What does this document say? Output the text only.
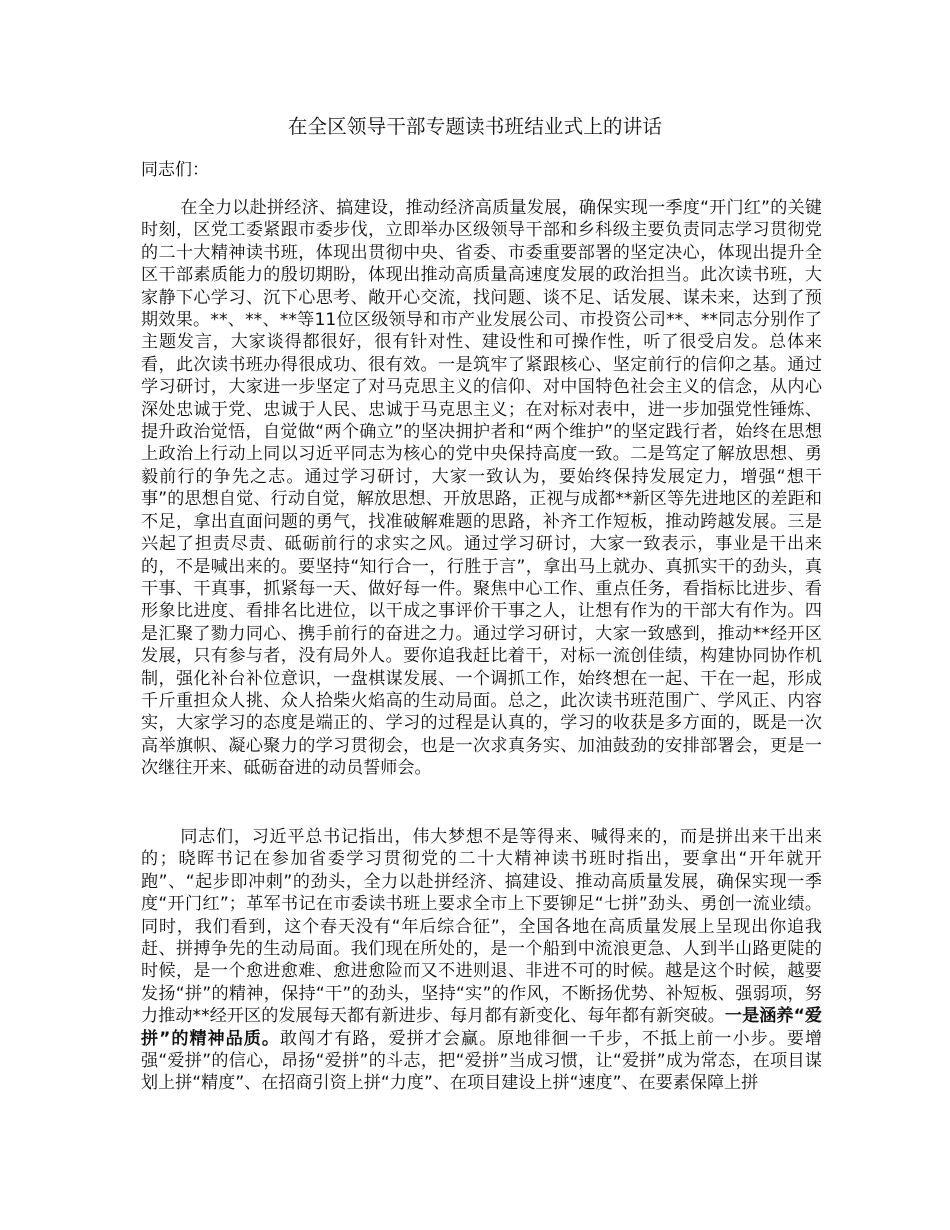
在全区领导干部专题读书班结业式上的讲话

同志们：

在全力以赴拼经济、搞建设，推动经济高质量发展，确保实现一季度“开门红”的关键时刻，区党工委紧跟市委步伐，立即举办区级领导干部和乡科级主要负责同志学习贯彻党的二十大精神读书班，体现出贯彻中央、省委、市委重要部署的坚定决心，体现出提升全区干部素质能力的殷切期盼，体现出推动高质量高速度发展的政治担当。此次读书班，大家静下心学习、沉下心思考、敞开心交流，找问题、谈不足、话发展、谋未来，达到了预期效果。**、**、**等11位区级领导和市产业发展公司、市投资公司**、**同志分别作了主题发言，大家谈得都很好，很有针对性、建设性和可操作性，听了很受启发。总体来看，此次读书班办得很成功、很有效。一是筑牢了紧跟核心、坚定前行的信仰之基。通过学习研讨，大家进一步坚定了对马克思主义的信仰、对中国特色社会主义的信念，从内心深处忠诚于党、忠诚于人民、忠诚于马克思主义；在对标对表中，进一步加强党性锤炼、提升政治觉悟，自觉做“两个确立”的坚决拥护者和“两个维护”的坚定践行者，始终在思想上政治上行动上同以习近平同志为核心的党中央保持高度一致。二是笃定了解放思想、勇毅前行的争先之志。通过学习研讨，大家一致认为，要始终保持发展定力，增强“想干事”的思想自觉、行动自觉，解放思想、开放思路，正视与成都**新区等先进地区的差距和不足，拿出直面问题的勇气，找准破解难题的思路，补齐工作短板，推动跨越发展。三是兴起了担责尽责、砥砺前行的求实之风。通过学习研讨，大家一致表示，事业是干出来的，不是喊出来的。要坚持“知行合一，行胜于言”，拿出马上就办、真抓实干的劲头，真干事、干真事，抓紧每一天、做好每一件。聚焦中心工作、重点任务，看指标比进步、看形象比进度、看排名比进位，以干成之事评价干事之人，让想有作为的干部大有作为。四是汇聚了勠力同心、携手前行的奋进之力。通过学习研讨，大家一致感到，推动**经开区发展，只有参与者，没有局外人。要你追我赶比着干，对标一流创佳绩，构建协同协作机制，强化补台补位意识，一盘棋谋发展、一个调抓工作，始终想在一起、干在一起，形成千斤重担众人挑、众人拾柴火焰高的生动局面。总之，此次读书班范围广、学风正、内容实，大家学习的态度是端正的、学习的过程是认真的，学习的收获是多方面的，既是一次高举旗帜、凝心聚力的学习贯彻会，也是一次求真务实、加油鼓劲的安排部署会，更是一次继往开来、砥砺奋进的动员誓师会。

同志们，习近平总书记指出，伟大梦想不是等得来、喊得来的，而是拼出来干出来的；晓晖书记在参加省委学习贯彻党的二十大精神读书班时指出，要拿出“开年就开跑”、“起步即冲刺”的劲头，全力以赴拼经济、搞建设、推动高质量发展，确保实现一季度“开门红”；革军书记在市委读书班上要求全市上下要铆足“七拼”劲头、勇创一流业绩。同时，我们看到，这个春天没有“年后综合征”，全国各地在高质量发展上呈现出你追我赶、拼搏争先的生动局面。我们现在所处的，是一个船到中流浪更急、人到半山路更陡的时候，是一个愈进愈难、愈进愈险而又不进则退、非进不可的时候。越是这个时候，越要发扬“拼”的精神，保持“干”的劲头，坚持“实”的作风，不断扬优势、补短板、强弱项，努力推动**经开区的发展每天都有新进步、每月都有新变化、每年都有新突破。一是涵养“爱拼”的精神品质。敢闯才有路，爱拼才会赢。原地徘徊一千步，不抵上前一小步。要增强“爱拼”的信心，昂扬“爱拼”的斗志，把“爱拼”当成习惯，让“爱拼”成为常态，在项目谋划上拼“精度”、在招商引资上拼“力度”、在项目建设上拼“速度”、在要素保障上拼
